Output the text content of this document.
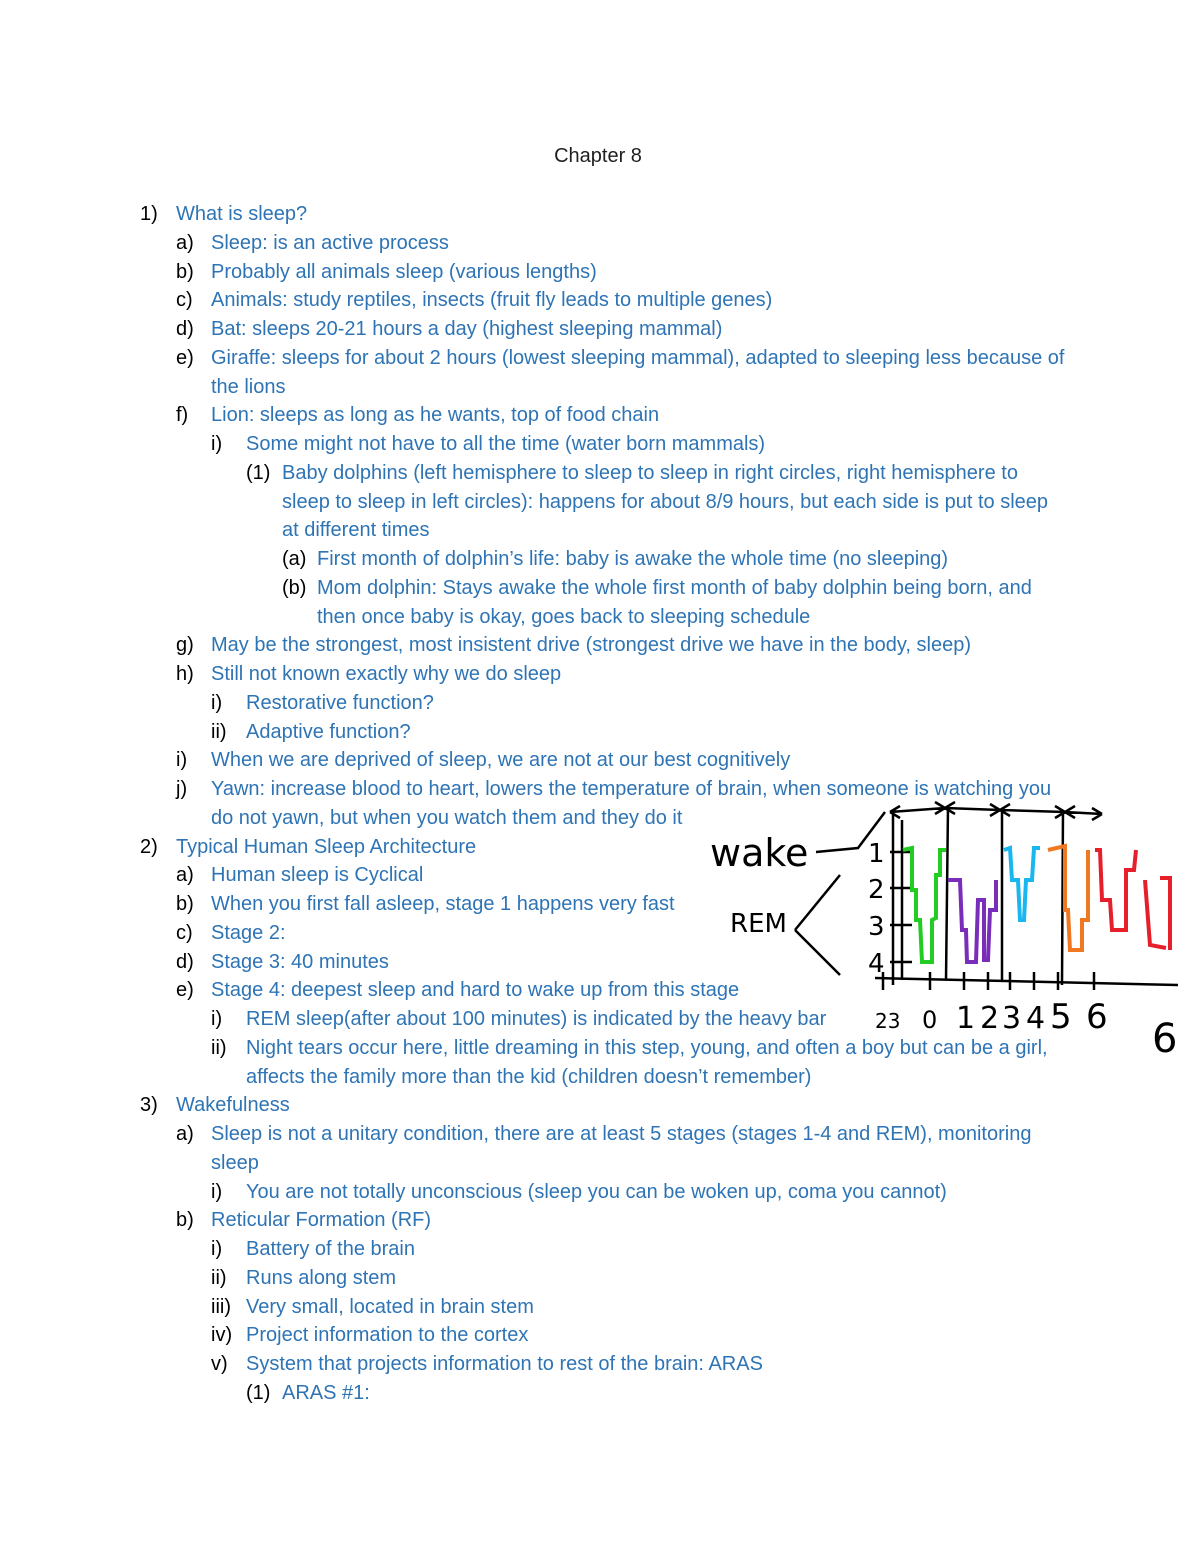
Chapter 8
1) What is sleep?
a) Sleep: is an active process
b) Probably all animals sleep (various lengths)
c) Animals: study reptiles, insects (fruit fly leads to multiple genes)
d) Bat: sleeps 20-21 hours a day (highest sleeping mammal)
e) Giraffe: sleeps for about 2 hours (lowest sleeping mammal), adapted to sleeping less because of the lions
f) Lion: sleeps as long as he wants, top of food chain
i) Some might not have to all the time (water born mammals)
(1) Baby dolphins (left hemisphere to sleep to sleep in right circles, right hemisphere to sleep to sleep in left circles): happens for about 8/9 hours, but each side is put to sleep at different times
(a) First month of dolphin’s life: baby is awake the whole time (no sleeping)
(b) Mom dolphin: Stays awake the whole first month of baby dolphin being born, and then once baby is okay, goes back to sleeping schedule
g) May be the strongest, most insistent drive (strongest drive we have in the body, sleep)
h) Still not known exactly why we do sleep
i) Restorative function?
ii) Adaptive function?
i) When we are deprived of sleep, we are not at our best cognitively
j) Yawn: increase blood to heart, lowers the temperature of brain, when someone is watching you do not yawn, but when you watch them and they do it
2) Typical Human Sleep Architecture
a) Human sleep is Cyclical
b) When you first fall asleep, stage 1 happens very fast
c) Stage 2:
d) Stage 3: 40 minutes
e) Stage 4: deepest sleep and hard to wake up from this stage
i) REM sleep(after about 100 minutes) is indicated by the heavy bar
ii) Night tears occur here, little dreaming in this step, young, and often a boy but can be a girl, affects the family more than the kid (children doesn’t remember)
3) Wakefulness
a) Sleep is not a unitary condition, there are at least 5 stages (stages 1-4 and REM), monitoring sleep
i) You are not totally unconscious (sleep you can be woken up, coma you cannot)
b) Reticular Formation (RF)
i) Battery of the brain
ii) Runs along stem
iii) Very small, located in brain stem
iv) Project information to the cortex
v) System that projects information to rest of the brain: ARAS
(1) ARAS #1:
wake
REM
1
2
3
4
23 0 1 2 3 4 5 6 6
